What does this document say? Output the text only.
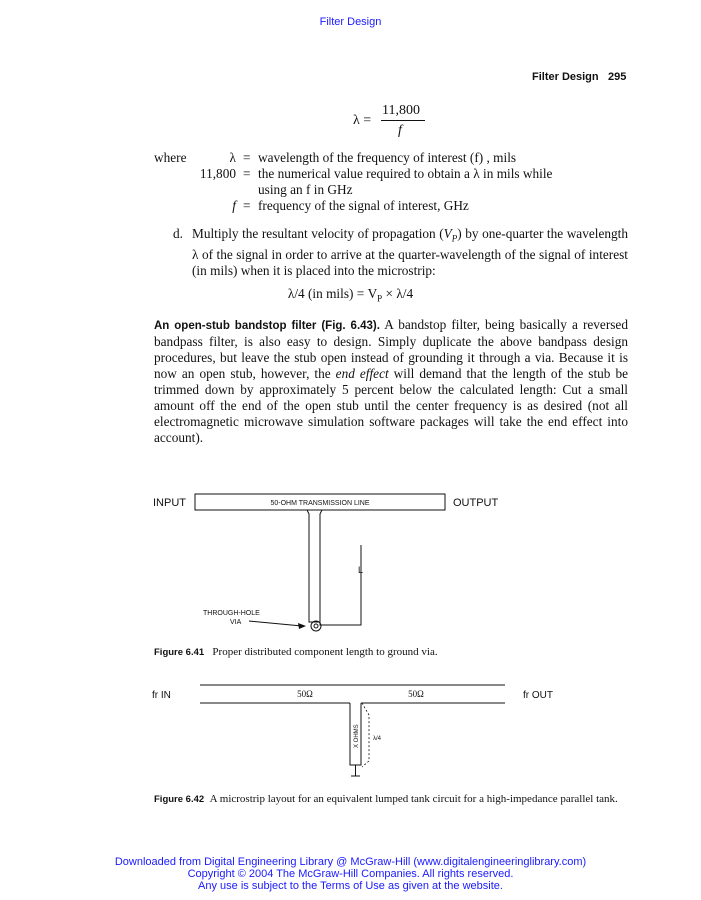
Filter Design
Filter Design 295
λ =
11,800
f
where	λ = wavelength of the frequency of interest (f) , mils
11,800 = the numerical value required to obtain a λ in mils while
using an f in GHz
f = frequency of the signal of interest, GHz
d. Multiply the resultant velocity of propagation $(V_P)$ by one-quarter the wavelength λ of the signal in order to arrive at the quarter-wavelength of the signal of interest (in mils) when it is placed into the microstrip:
λ/4 (in mils) = $V_P \times \lambda/4$
An open-stub bandstop filter (Fig. 6.43). A bandstop filter, being basically a reversed bandpass filter, is also easy to design. Simply duplicate the above bandpass design procedures, but leave the stub open instead of grounding it through a via. Because it is now an open stub, however, the end effect will demand that the length of the stub be trimmed down by approximately 5 percent below the calculated length: Cut a small amount off the end of the open stub until the center frequency is as desired (not all electromagnetic microwave simulation software packages will take the end effect into account).
50-OHM TRANSMISSION LINE
INPUT	OUTPUT
L
THROUGH-HOLE
VIA
Figure 6.41 Proper distributed component length to ground via.
fr IN	fr OUT
50Ω	50Ω
X OHMS λ/4
Figure 6.42 A microstrip layout for an equivalent lumped tank circuit for a high-impedance parallel tank.
Downloaded from Digital Engineering Library @ McGraw-Hill (www.digitalengineeringlibrary.com)
Copyright © 2004 The McGraw-Hill Companies. All rights reserved.
Any use is subject to the Terms of Use as given at the website.
